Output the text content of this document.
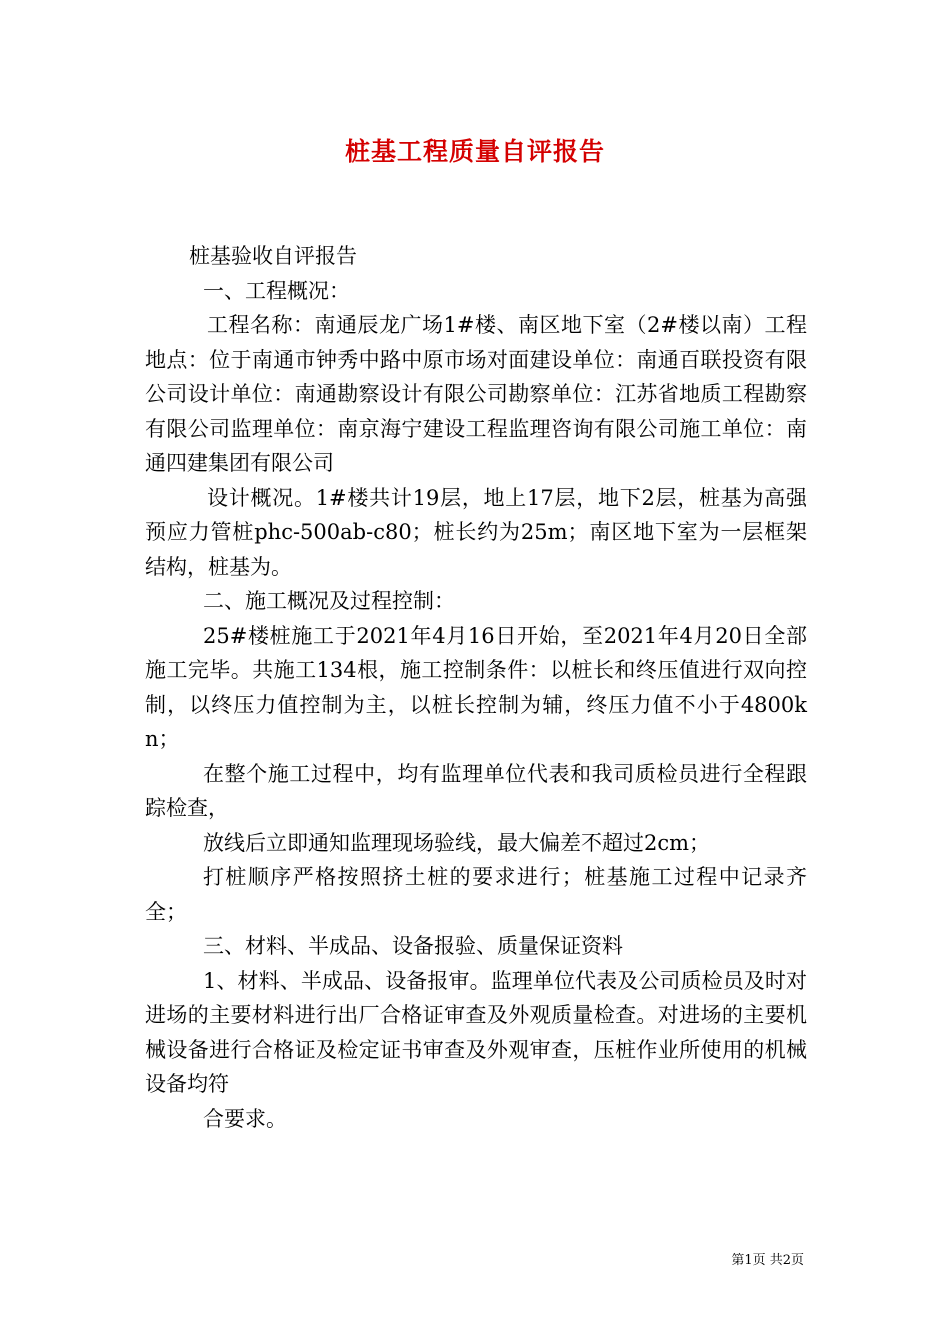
桩基工程质量自评报告

桩基验收自评报告

一、工程概况：

工程名称：南通辰龙广场1#楼、南区地下室（2#楼以南）工程地点：位于南通市钟秀中路中原市场对面建设单位：南通百联投资有限公司设计单位：南通勘察设计有限公司勘察单位：江苏省地质工程勘察有限公司监理单位：南京海宁建设工程监理咨询有限公司施工单位：南通四建集团有限公司

设计概况。1#楼共计19层，地上17层，地下2层，桩基为高强预应力管桩phc-500ab-c80；桩长约为25m；南区地下室为一层框架结构，桩基为。

二、施工概况及过程控制：

25#楼桩施工于2021年4月16日开始，至2021年4月20日全部施工完毕。共施工134根，施工控制条件：以桩长和终压值进行双向控制，以终压力值控制为主，以桩长控制为辅，终压力值不小于4800kn；

在整个施工过程中，均有监理单位代表和我司质检员进行全程跟踪检查，

放线后立即通知监理现场验线，最大偏差不超过2cm；

打桩顺序严格按照挤土桩的要求进行；桩基施工过程中记录齐全；

三、材料、半成品、设备报验、质量保证资料

1、材料、半成品、设备报审。监理单位代表及公司质检员及时对进场的主要材料进行出厂合格证审查及外观质量检查。对进场的主要机械设备进行合格证及检定证书审查及外观审查，压桩作业所使用的机械设备均符

合要求。

第1页 共2页
